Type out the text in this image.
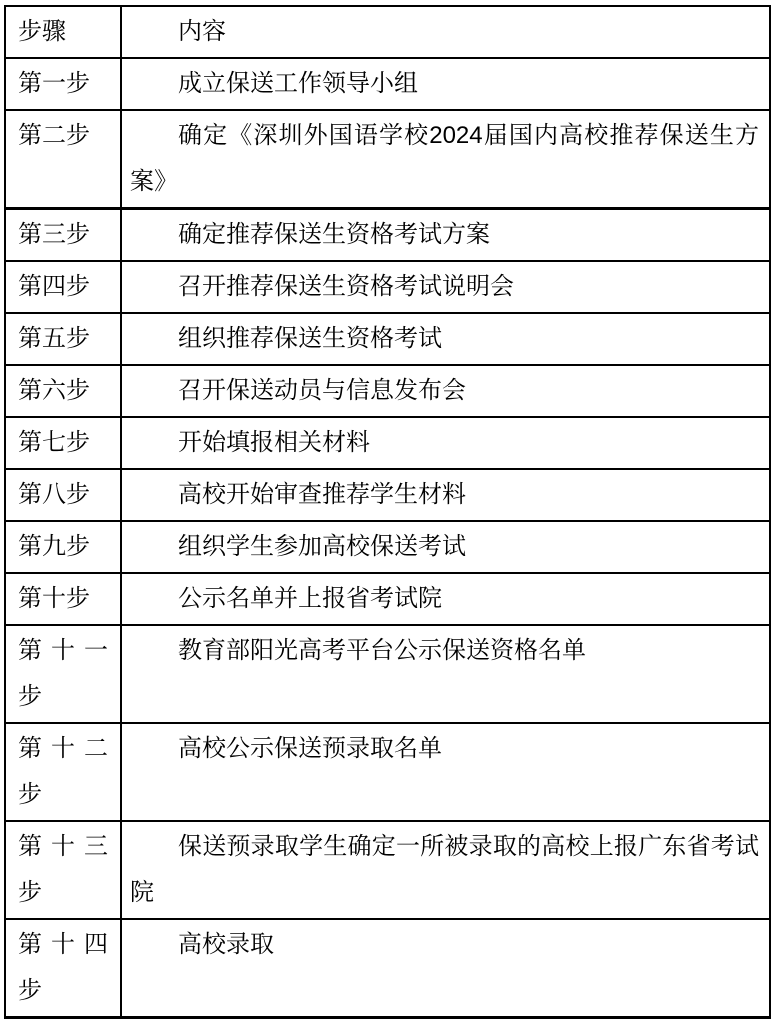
步骤	内容
第一步	成立保送工作领导小组
第二步	确定《深圳外国语学校2024届国内高校推荐保送生方案》
第三步	确定推荐保送生资格考试方案
第四步	召开推荐保送生资格考试说明会
第五步	组织推荐保送生资格考试
第六步	召开保送动员与信息发布会
第七步	开始填报相关材料
第八步	高校开始审查推荐学生材料
第九步	组织学生参加高校保送考试
第十步	公示名单并上报省考试院
第十一步	教育部阳光高考平台公示保送资格名单
第十二步	高校公示保送预录取名单
第十三步	保送预录取学生确定一所被录取的高校上报广东省考试院
第十四步	高校录取
